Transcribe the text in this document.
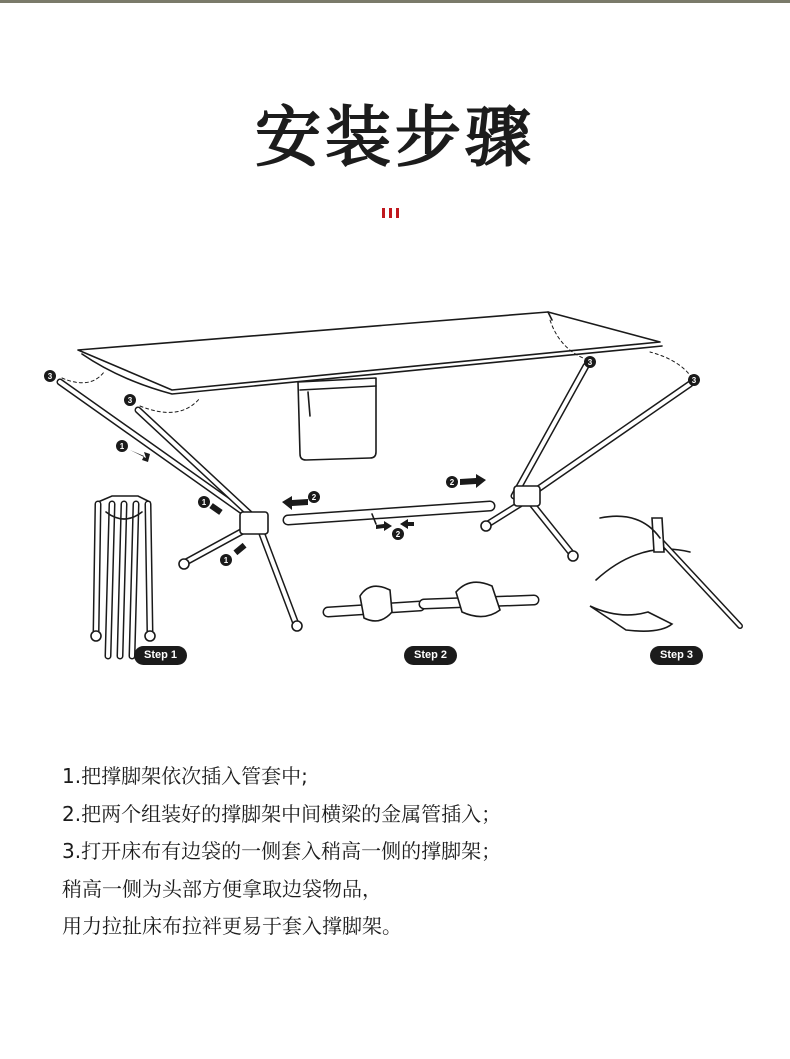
安装步骤
3
3
1
1
1
2
2
2
3
3
Step 1	Step 2	Step 3

1.把撑脚架依次插入管套中;

2.把两个组装好的撑脚架中间横梁的金属管插入；

3.打开床布有边袋的一侧套入稍高一侧的撑脚架；

稍高一侧为头部方便拿取边袋物品，

用力拉扯床布拉袢更易于套入撑脚架。
